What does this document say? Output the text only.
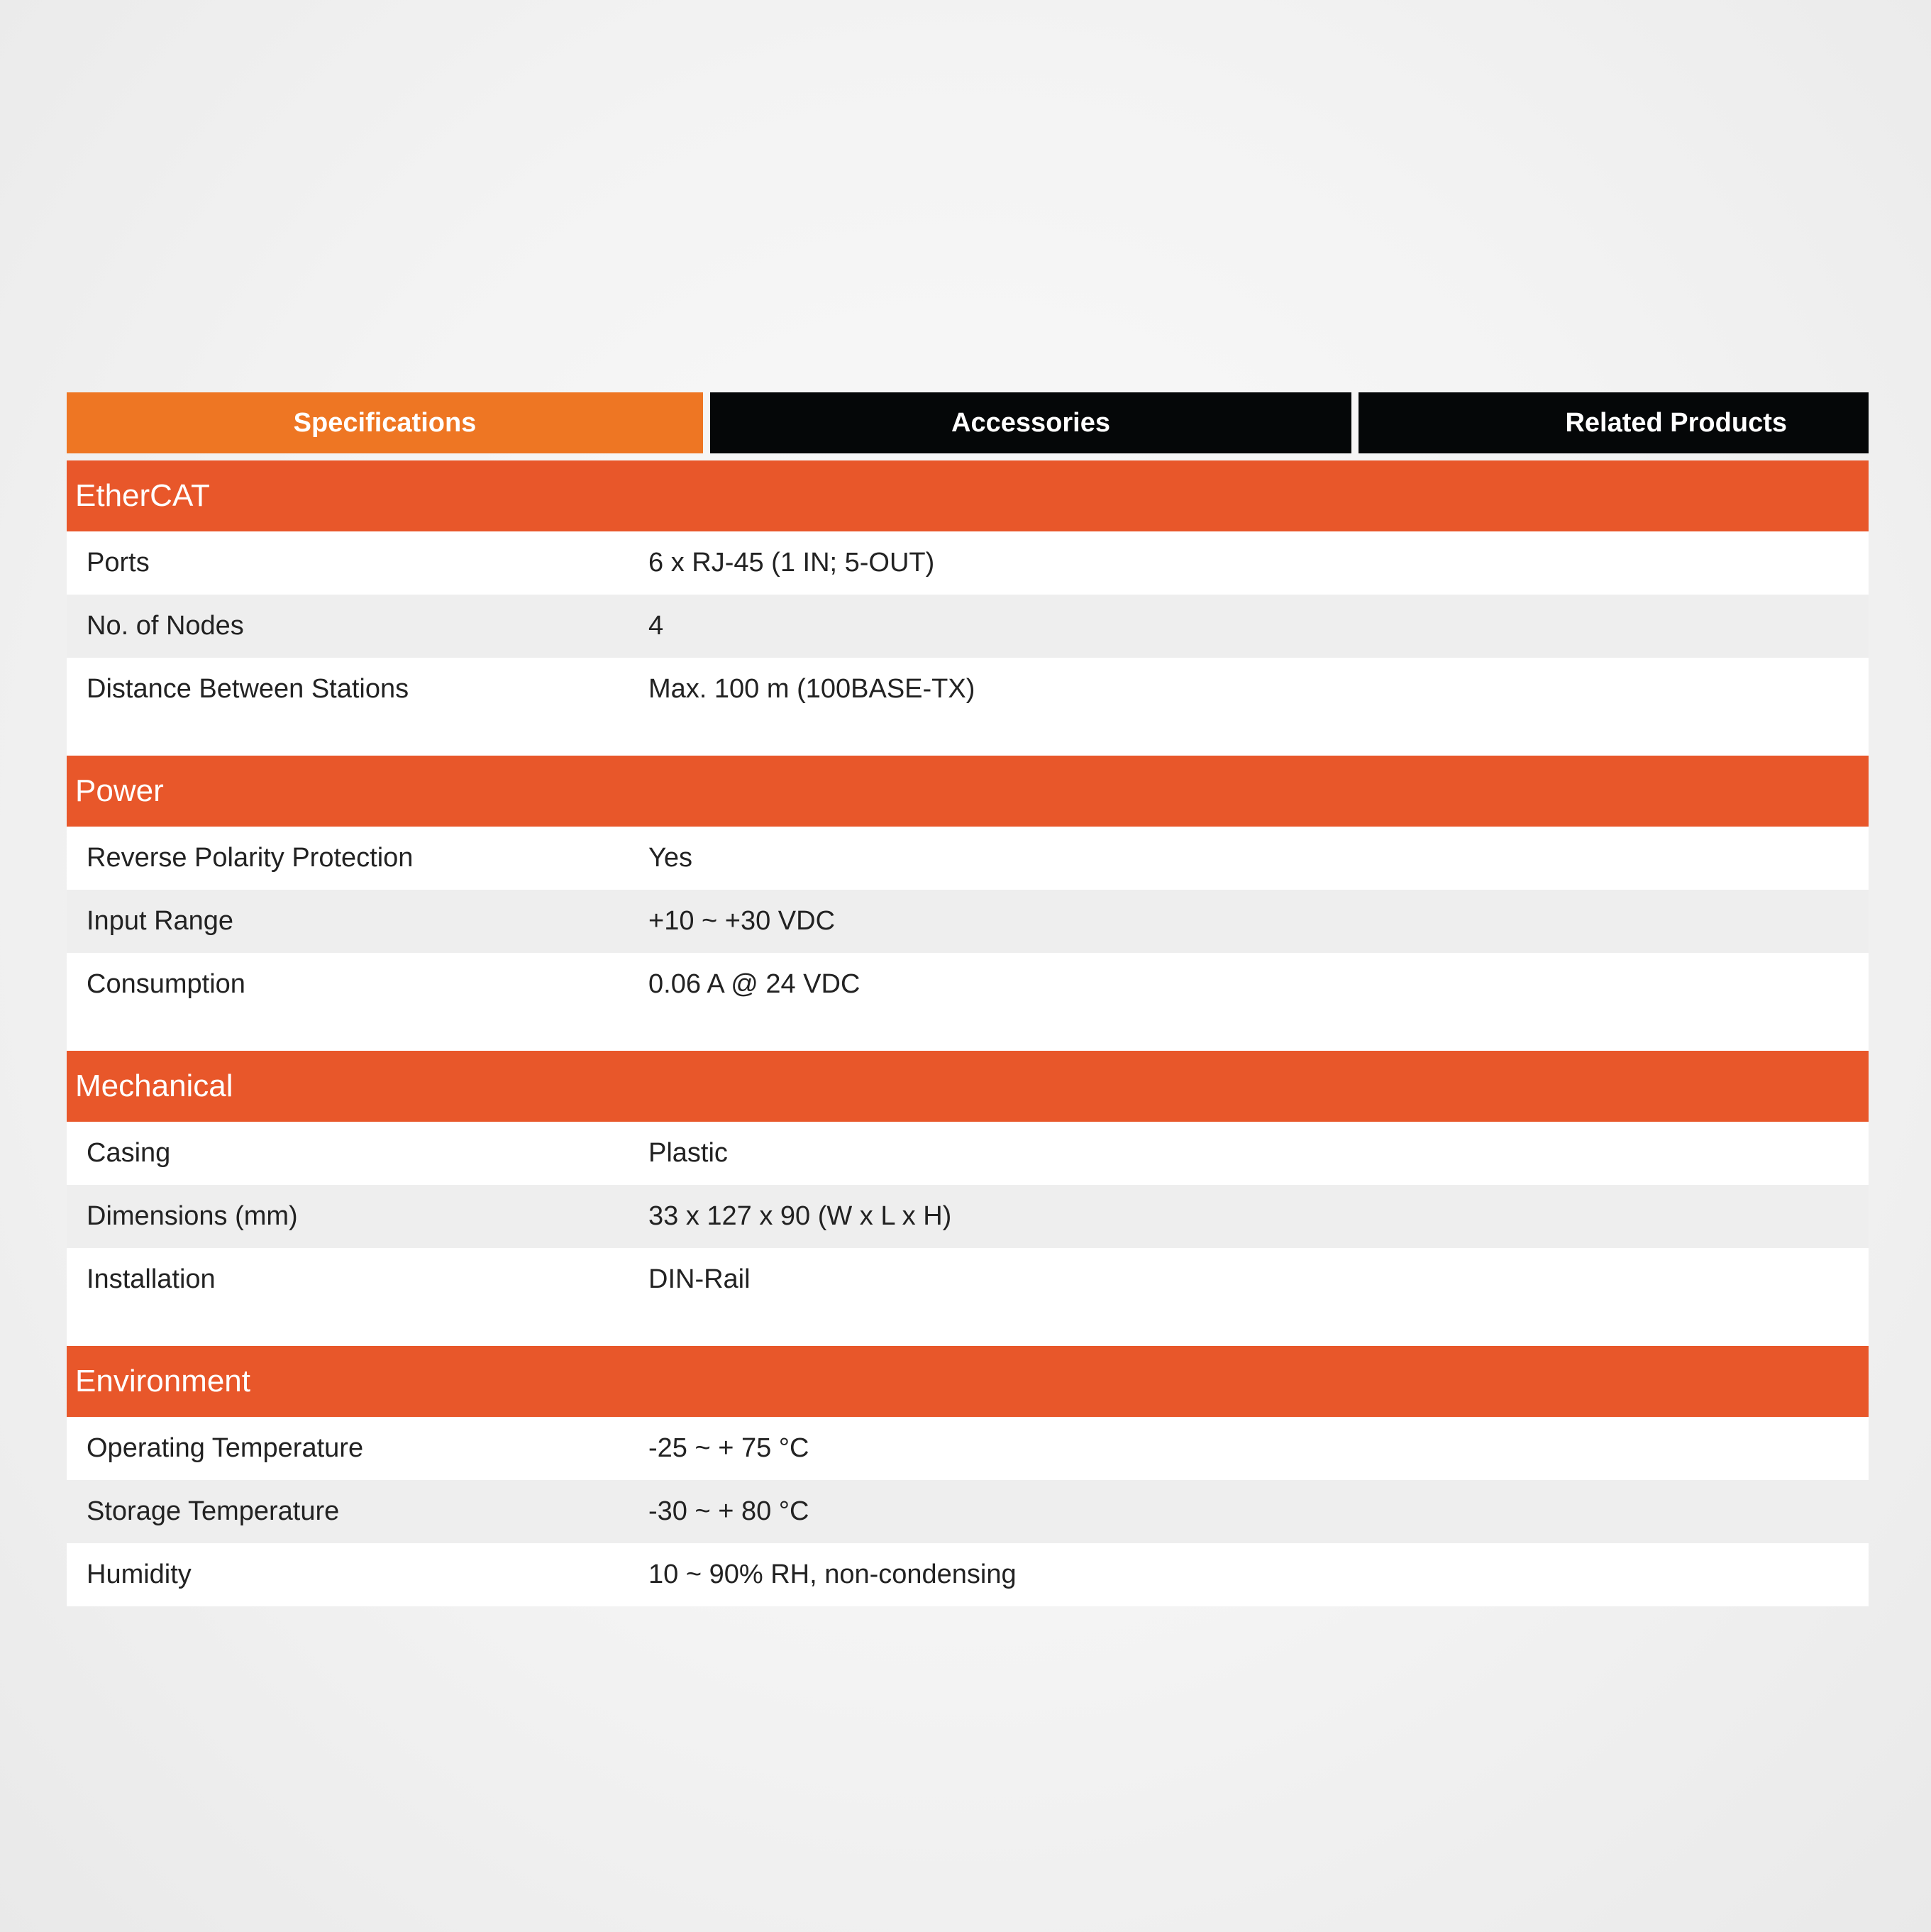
Specifications	Accessories	Related Products
EtherCAT
Ports	6 x RJ-45 (1 IN; 5-OUT)
No. of Nodes	4
Distance Between Stations	Max. 100 m (100BASE-TX)
Power
Reverse Polarity Protection	Yes
Input Range	+10 ~ +30 VDC
Consumption	0.06 A @ 24 VDC
Mechanical
Casing	Plastic
Dimensions (mm)	33 x 127 x 90 (W x L x H)
Installation	DIN-Rail
Environment
Operating Temperature	-25 ~ + 75 °C
Storage Temperature	-30 ~ + 80 °C
Humidity	10 ~ 90% RH, non-condensing
